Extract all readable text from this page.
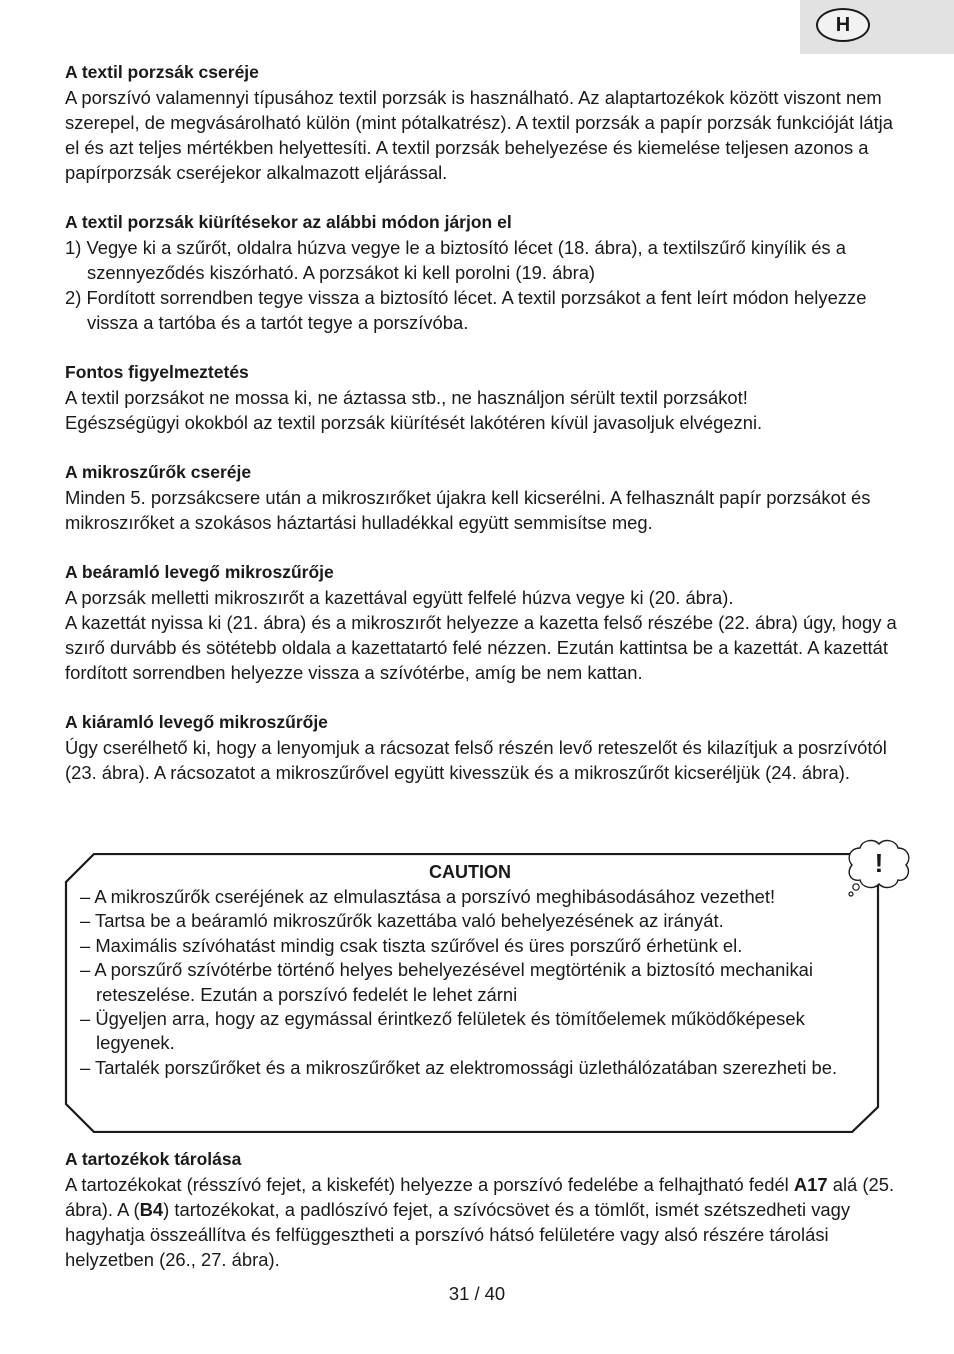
H
A textil porzsák cseréje

A porszívó valamennyi típusához textil porzsák is használható. Az alaptartozékok között viszont nem szerepel, de megvásárolható külön (mint pótalkatrész). A textil porzsák a papír porzsák funkcióját látja el és azt teljes mértékben helyettesíti. A textil porzsák behelyezése és kiemelése teljesen azonos a papírporzsák cseréjekor alkalmazott eljárással.

A textil porzsák kiürítésekor az alábbi módon járjon el

1) Vegye ki a szűrőt, oldalra húzva vegye le a biztosító lécet (18. ábra), a textilszűrő kinyílik és a szennyeződés kiszórható. A porzsákot ki kell porolni (19. ábra)

2) Fordított sorrendben tegye vissza a biztosító lécet. A textil porzsákot a fent leírt módon helyezze vissza a tartóba és a tartót tegye a porszívóba.

Fontos figyelmeztetés

A textil porzsákot ne mossa ki, ne áztassa stb., ne használjon sérült textil porzsákot!

Egészségügyi okokból az textil porzsák kiürítését lakótéren kívül javasoljuk elvégezni.

A mikroszűrők cseréje

Minden 5. porzsákcsere után a mikroszırőket újakra kell kicserélni. A felhasznált papír porzsákot és mikroszırőket a szokásos háztartási hulladékkal együtt semmisítse meg.

A beáramló levegő mikroszűrője

A porzsák melletti mikroszırőt a kazettával együtt felfelé húzva vegye ki (20. ábra).

A kazettát nyissa ki (21. ábra) és a mikroszırőt helyezze a kazetta felső részébe (22. ábra) úgy, hogy a szırő durvább és sötétebb oldala a kazettatartó felé nézzen. Ezután kattintsa be a kazettát. A kazettát fordított sorrendben helyezze vissza a szívótérbe, amíg be nem kattan.

A kiáramló levegő mikroszűrője

Úgy cserélhető ki, hogy a lenyomjuk a rácsozat felső részén levő reteszelőt és kilazítjuk a posrzívótól (23. ábra). A rácsozatot a mikroszűrővel együtt kivesszük és a mikroszűrőt kicseréljük (24. ábra).

CAUTION

– A mikroszűrők cseréjének az elmulasztása a porszívó meghibásodásához vezethet!

– Tartsa be a beáramló mikroszűrők kazettába való behelyezésének az irányát.

– Maximális szívóhatást mindig csak tiszta szűrővel és üres porszűrő érhetünk el.

– A porszűrő szívótérbe történő helyes behelyezésével megtörténik a biztosító mechanikai reteszelése. Ezután a porszívó fedelét le lehet zárni

– Ügyeljen arra, hogy az egymással érintkező felületek és tömítőelemek működőképesek legyenek.

– Tartalék porszűrőket és a mikroszűrőket az elektromossági üzlethálózatában szerezheti be.

!
A tartozékok tárolása

A tartozékokat (résszívó fejet, a kiskefét) helyezze a porszívó fedelébe a felhajtható fedél A17 alá (25. ábra). A (B4) tartozékokat, a padlószívó fejet, a szívócsövet és a tömlőt, ismét szétszedheti vagy hagyhatja összeállítva és felfüggesztheti a porszívó hátsó felületére vagy alsó részére tárolási helyzetben (26., 27. ábra).

31 / 40
